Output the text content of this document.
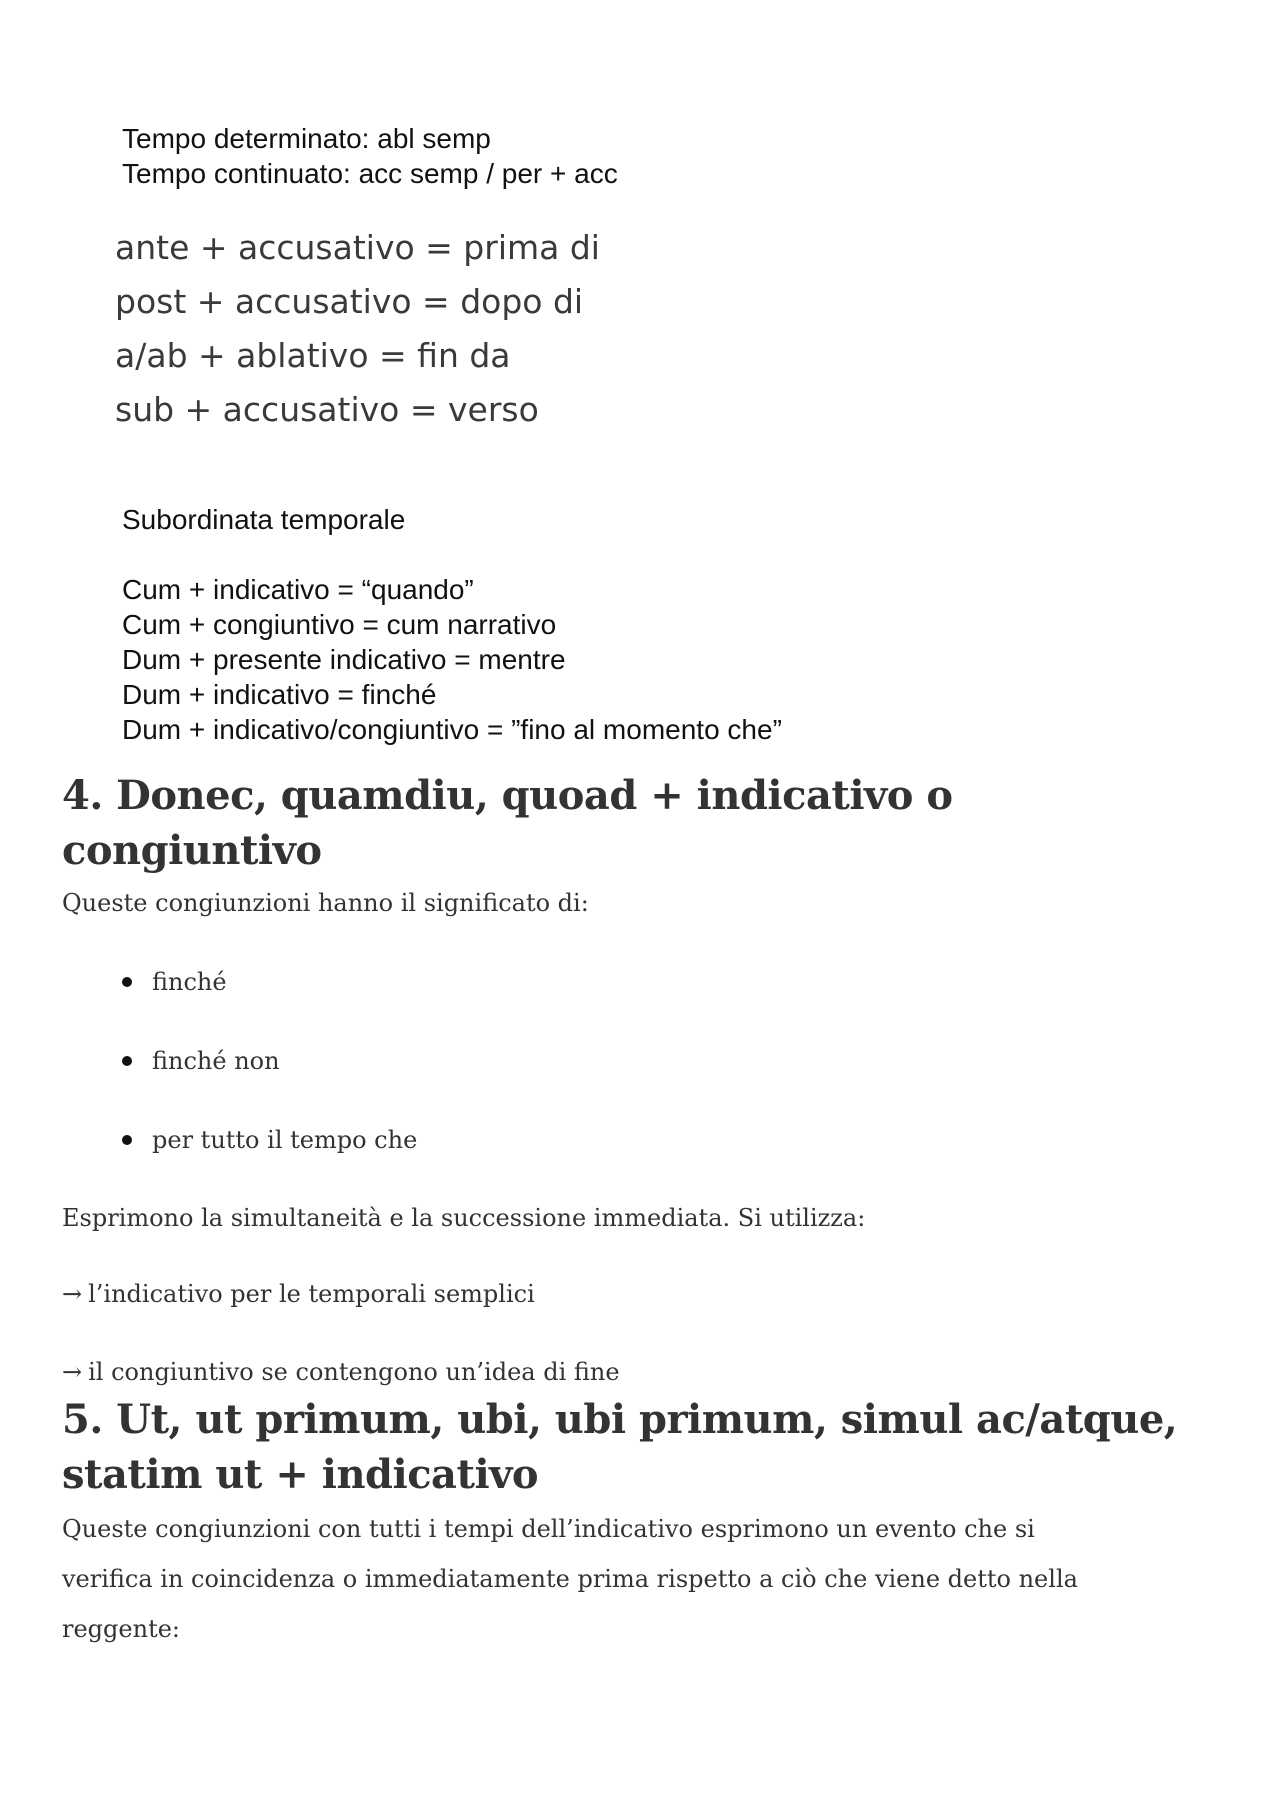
Tempo determinato: abl semp
Tempo continuato: acc semp / per + acc
ante + accusativo = prima di
post + accusativo = dopo di
a/ab + ablativo = fin da
sub + accusativo = verso
Subordinata temporale
Cum + indicativo = “quando”
Cum + congiuntivo = cum narrativo
Dum + presente indicativo = mentre
Dum + indicativo = finché
Dum + indicativo/congiuntivo = ”fino al momento che”
4. Donec, quamdiu, quoad + indicativo o
congiuntivo

Queste congiunzioni hanno il significato di:

finché
finché non
per tutto il tempo che

Esprimono la simultaneità e la successione immediata. Si utilizza:

→ l’indicativo per le temporali semplici
→ il congiuntivo se contengono un’idea di fine
5. Ut, ut primum, ubi, ubi primum, simul ac/atque,
statim ut + indicativo
Queste congiunzioni con tutti i tempi dell’indicativo esprimono un evento che si
verifica in coincidenza o immediatamente prima rispetto a ciò che viene detto nella
reggente:
